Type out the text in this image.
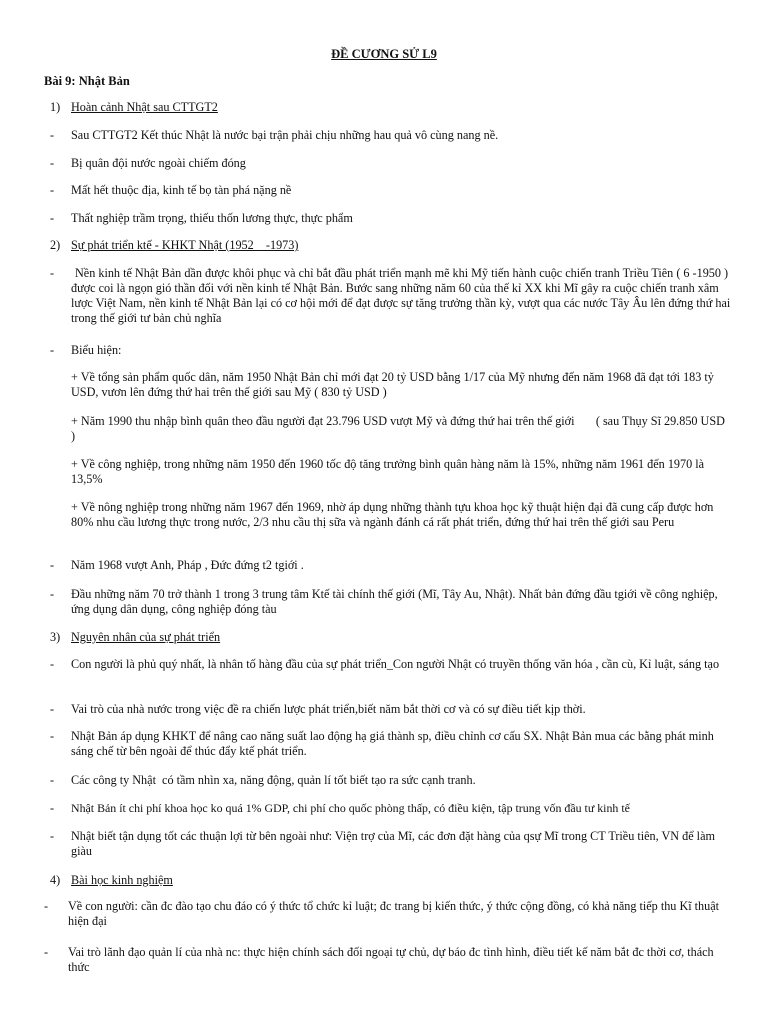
ĐỀ CƯƠNG SỬ L9
Bài 9: Nhật Bản
1) Hoàn cảnh Nhật sau CTTGT2
- Sau CTTGT2 Kết thúc Nhật là nước bại trận phải chịu những hau quả vô cùng nang nề.
- Bị quân đội nước ngoài chiếm đóng
- Mất hết thuộc địa, kinh tế bọ tàn phá nặng nề
- Thất nghiệp trầm trọng, thiếu thốn lương thực, thực phẩm
2) Sự phát triển ktế - KHKT Nhật (1952    -1973)
-	Nền kinh tế Nhật Bản dần được khôi phục và chỉ bắt đầu phát triển mạnh mẽ khi Mỹ tiến hành cuộc chiến tranh Triều Tiên ( 6 -1950 ) được coi là ngọn gió thần đối với nền kinh tế Nhật Bản. Bước sang những năm 60 của thế kỉ XX khi Mĩ gây ra cuộc chiến tranh xâm lược Việt Nam, nền kinh tế Nhật Bản lại có cơ hội mới để đạt được sự tăng trưởng thần kỳ, vượt qua các nước Tây Âu lên đứng thứ hai trong thế giới tư bản chủ nghĩa
- Biểu hiện:
+ Về tổng sản phẩm quốc dân, năm 1950 Nhật Bản chỉ mới đạt 20 tỷ USD bằng 1/17 của Mỹ nhưng đến năm 1968 đã đạt tới 183 tỷ USD, vươn lên đứng thứ hai trên thế giới sau Mỹ ( 830 tỷ USD )
+ Năm 1990 thu nhập bình quân theo đầu người đạt 23.796 USD vượt Mỹ và đứng thứ hai trên thế giới       ( sau Thụy Sĩ 29.850 USD )
+ Về công nghiệp, trong những năm 1950 đến 1960 tốc độ tăng trưởng bình quân hàng năm là 15%, những năm 1961 đến 1970 là 13,5%
+ Về nông nghiệp trong những năm 1967 đến 1969, nhờ áp dụng những thành tựu khoa học kỹ thuật hiện đại đã cung cấp được hơn 80% nhu cầu lương thực trong nước, 2/3 nhu cầu thị sữa và ngành đánh cá rất phát triển, đứng thứ hai trên thế giới sau Peru
- Năm 1968 vượt Anh, Pháp , Đức đứng t2 tgiới .
- Đầu những năm 70 trở thành 1 trong 3 trung tâm Ktế tài chính thế giới (Mĩ, Tây Au, Nhật). Nhất bản đứng đầu tgiới về công nghiệp, ứng dụng dân dụng, công nghiệp đóng tàu
3) Nguyên nhân của sự phát triển
- Con người là phủ quý nhất, là nhân tố hàng đầu của sự phát triển_Con người Nhật có truyền thống văn hóa , cần cù, Kỉ luật, sáng tạo
- Vai trò của nhà nước trong việc đề ra chiến lược phát triển,biết năm bắt thời cơ và có sự điều tiết kịp thời.
- Nhật Bản áp dụng KHKT để nâng cao năng suất lao động hạ giá thành sp, điều chỉnh cơ cấu SX. Nhật Bản mua các bằng phát minh sáng chế từ bên ngoài để thúc đẩy ktế phát triển.
- Các công ty Nhật  có tầm nhìn xa, năng động, quản lí tốt biết tạo ra sức cạnh tranh.
- Nhật Bản ít chi phí khoa học ko quá 1% GDP, chi phí cho quốc phòng thấp, có điều kiện, tập trung vốn đầu tư kinh tế
- Nhật biết tận dụng tốt các thuận lợi từ bên ngoài như: Viện trợ của Mĩ, các đơn đặt hàng của qsự Mĩ trong CT Triều tiên, VN để làm giàu
4) Bài học kinh nghiệm
- Về con người: cần đc đào tạo chu đáo có ý thức tổ chức kỉ luật; đc trang bị kiến thức, ý thức cộng đồng, có khả năng tiếp thu Kĩ thuật hiện đại
- Vai trò lãnh đạo quản lí của nhà nc: thực hiện chính sách đối ngoại tự chủ, dự báo đc tình hình, điều tiết kế năm bắt đc thời cơ, thách thức
